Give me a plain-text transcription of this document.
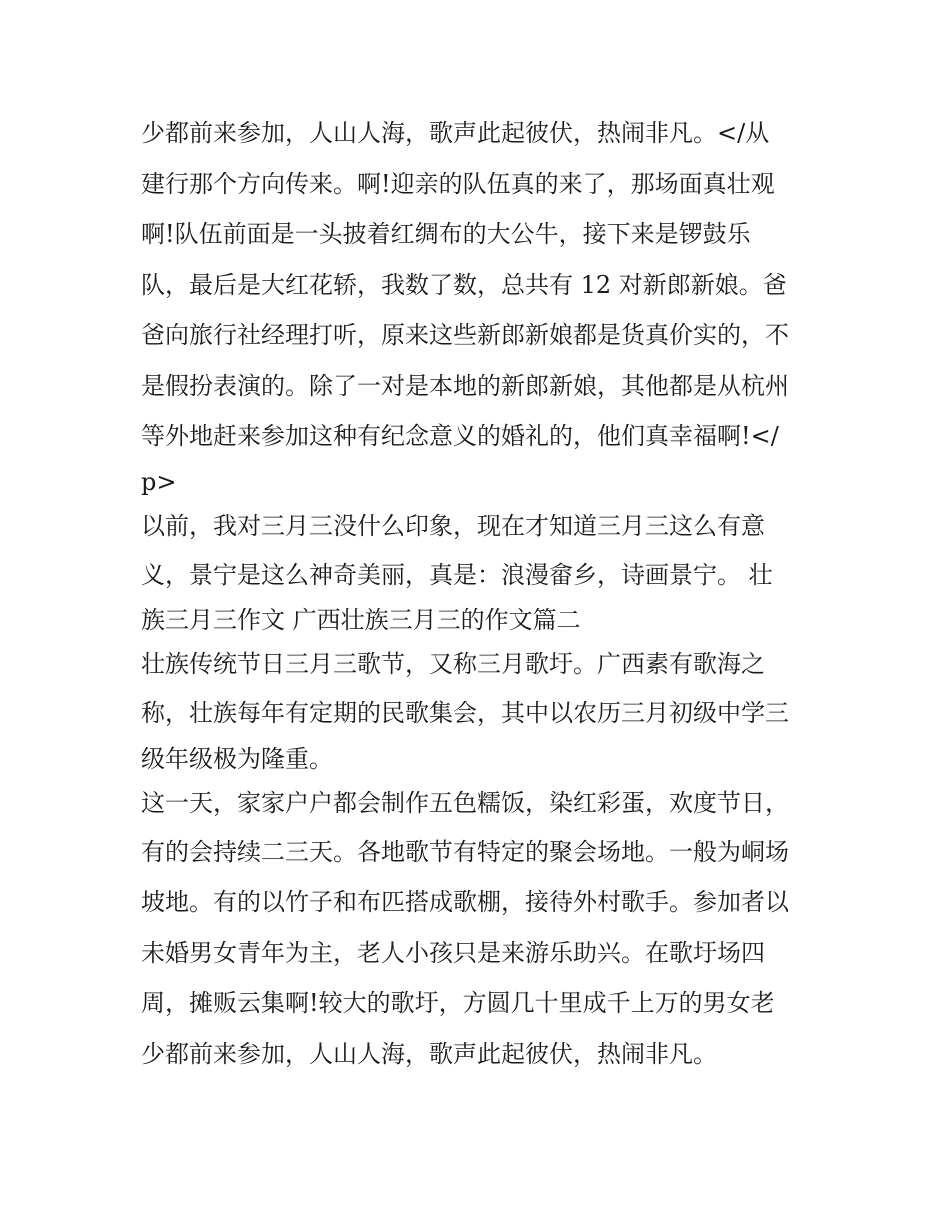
少都前来参加，人山人海，歌声此起彼伏，热闹非凡。</从
建行那个方向传来。啊!迎亲的队伍真的来了，那场面真壮观
啊!队伍前面是一头披着红绸布的大公牛，接下来是锣鼓乐
队，最后是大红花轿，我数了数，总共有 12 对新郎新娘。爸
爸向旅行社经理打听，原来这些新郎新娘都是货真价实的，不
是假扮表演的。除了一对是本地的新郎新娘，其他都是从杭州
等外地赶来参加这种有纪念意义的婚礼的，他们真幸福啊!</
p>
以前，我对三月三没什么印象，现在才知道三月三这么有意
义，景宁是这么神奇美丽，真是：浪漫畲乡，诗画景宁。 壮
族三月三作文 广西壮族三月三的作文篇二
壮族传统节日三月三歌节，又称三月歌圩。广西素有歌海之
称，壮族每年有定期的民歌集会，其中以农历三月初级中学三
级年级极为隆重。
这一天，家家户户都会制作五色糯饭，染红彩蛋，欢度节日，
有的会持续二三天。各地歌节有特定的聚会场地。一般为峒场
坡地。有的以竹子和布匹搭成歌棚，接待外村歌手。参加者以
未婚男女青年为主，老人小孩只是来游乐助兴。在歌圩场四
周，摊贩云集啊!较大的歌圩，方圆几十里成千上万的男女老
少都前来参加，人山人海，歌声此起彼伏，热闹非凡。
